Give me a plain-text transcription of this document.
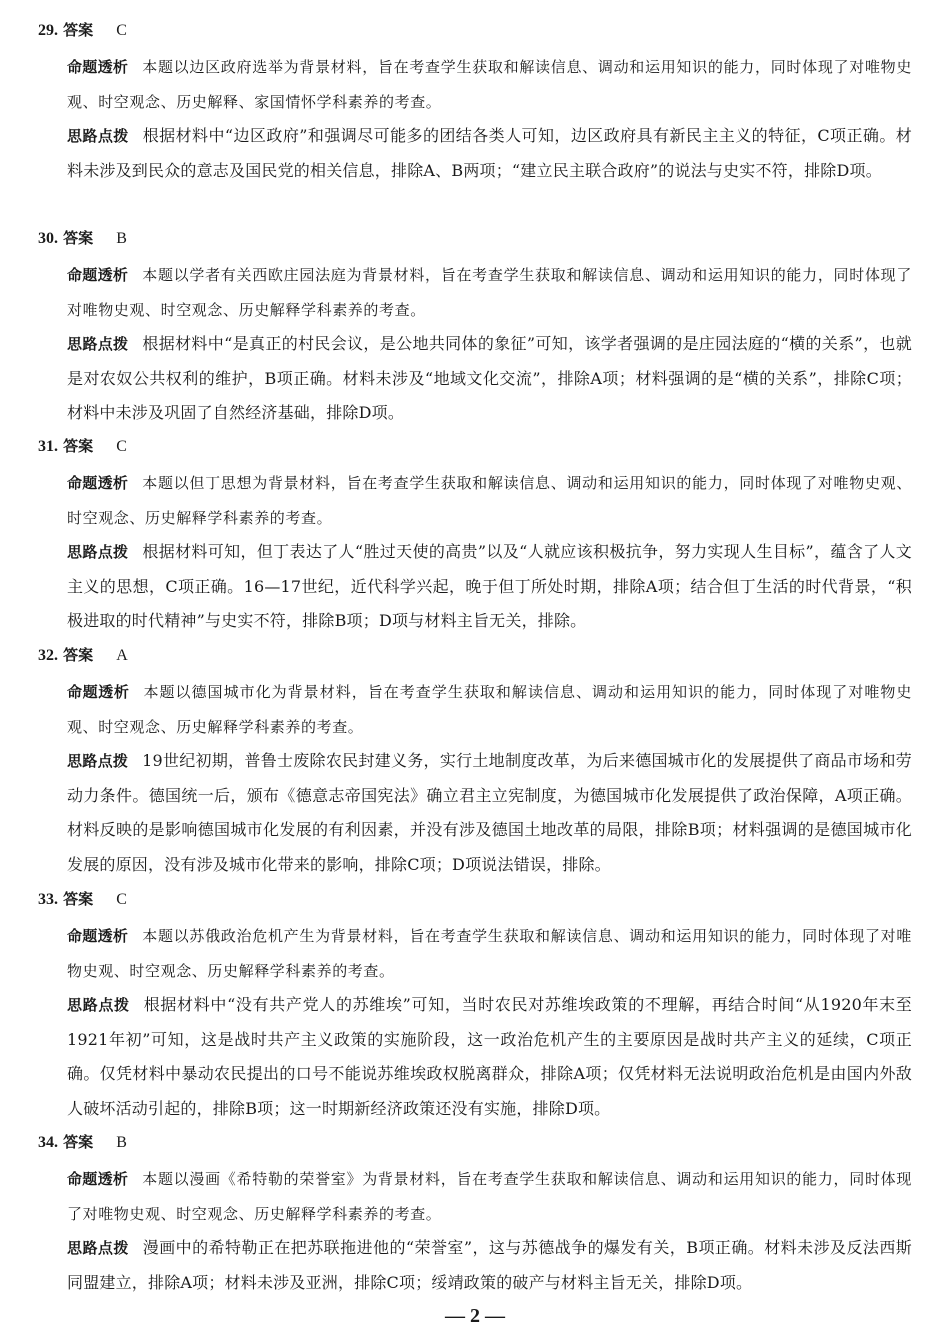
29. 答案 C
命题透析 本题以边区政府选举为背景材料，旨在考查学生获取和解读信息、调动和运用知识的能力，同时体现了对唯物史观、时空观念、历史解释、家国情怀学科素养的考查。
思路点拨 根据材料中“边区政府”和强调尽可能多的团结各类人可知，边区政府具有新民主主义的特征，C项正确。材料未涉及到民众的意志及国民党的相关信息，排除A、B两项；“建立民主联合政府”的说法与史实不符，排除D项。
30. 答案 B
命题透析 本题以学者有关西欧庄园法庭为背景材料，旨在考查学生获取和解读信息、调动和运用知识的能力，同时体现了对唯物史观、时空观念、历史解释学科素养的考查。
思路点拨 根据材料中“是真正的村民会议，是公地共同体的象征”可知，该学者强调的是庄园法庭的“横的关系”，也就是对农奴公共权利的维护，B项正确。材料未涉及“地域文化交流”，排除A项；材料强调的是“横的关系”，排除C项；材料中未涉及巩固了自然经济基础，排除D项。
31. 答案 C
命题透析 本题以但丁思想为背景材料，旨在考查学生获取和解读信息、调动和运用知识的能力，同时体现了对唯物史观、时空观念、历史解释学科素养的考查。
思路点拨 根据材料可知，但丁表达了人“胜过天使的高贵”以及“人就应该积极抗争，努力实现人生目标”，蕴含了人文主义的思想，C项正确。16—17世纪，近代科学兴起，晚于但丁所处时期，排除A项；结合但丁生活的时代背景，“积极进取的时代精神”与史实不符，排除B项；D项与材料主旨无关，排除。
32. 答案 A
命题透析 本题以德国城市化为背景材料，旨在考查学生获取和解读信息、调动和运用知识的能力，同时体现了对唯物史观、时空观念、历史解释学科素养的考查。
思路点拨 19世纪初期，普鲁士废除农民封建义务，实行土地制度改革，为后来德国城市化的发展提供了商品市场和劳动力条件。德国统一后，颁布《德意志帝国宪法》确立君主立宪制度，为德国城市化发展提供了政治保障，A项正确。材料反映的是影响德国城市化发展的有利因素，并没有涉及德国土地改革的局限，排除B项；材料强调的是德国城市化发展的原因，没有涉及城市化带来的影响，排除C项；D项说法错误，排除。
33. 答案 C
命题透析 本题以苏俄政治危机产生为背景材料，旨在考查学生获取和解读信息、调动和运用知识的能力，同时体现了对唯物史观、时空观念、历史解释学科素养的考查。
思路点拨 根据材料中“没有共产党人的苏维埃”可知，当时农民对苏维埃政策的不理解，再结合时间“从1920年末至1921年初”可知，这是战时共产主义政策的实施阶段，这一政治危机产生的主要原因是战时共产主义的延续，C项正确。仅凭材料中暴动农民提出的口号不能说苏维埃政权脱离群众，排除A项；仅凭材料无法说明政治危机是由国内外敌人破坏活动引起的，排除B项；这一时期新经济政策还没有实施，排除D项。
34. 答案 B
命题透析 本题以漫画《希特勒的荣誉室》为背景材料，旨在考查学生获取和解读信息、调动和运用知识的能力，同时体现了对唯物史观、时空观念、历史解释学科素养的考查。
思路点拨 漫画中的希特勒正在把苏联拖进他的“荣誉室”，这与苏德战争的爆发有关，B项正确。材料未涉及反法西斯同盟建立，排除A项；材料未涉及亚洲，排除C项；绥靖政策的破产与材料主旨无关，排除D项。
— 2 —
